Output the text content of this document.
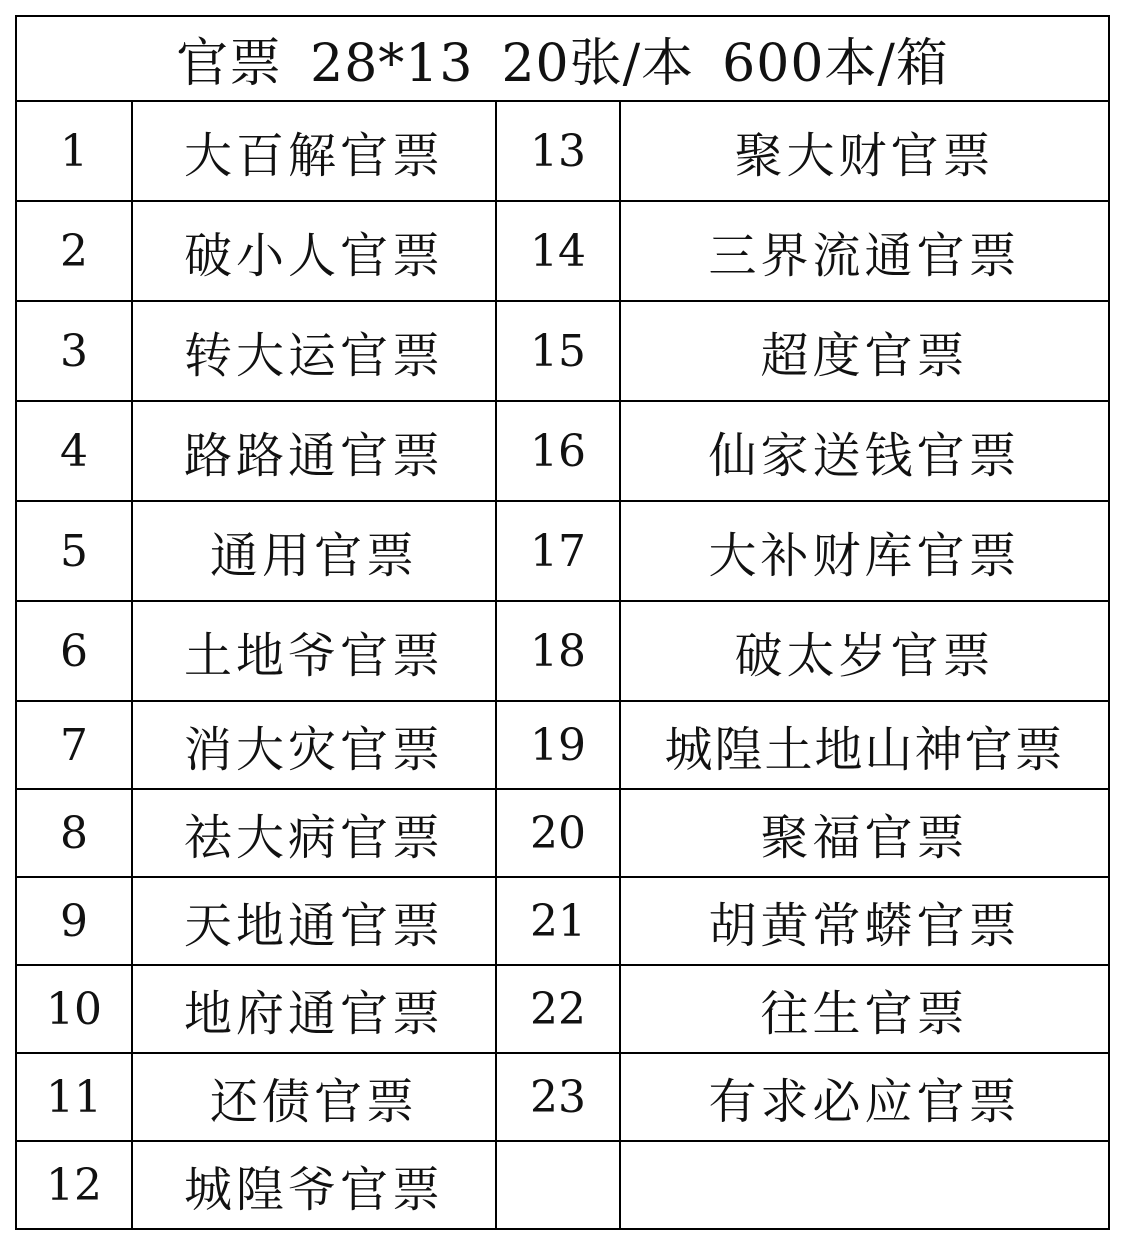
官票 28*13 20张/本 600本/箱			
1	大百解官票	13	聚大财官票
2	破小人官票	14	三界流通官票
3	转大运官票	15	超度官票
4	路路通官票	16	仙家送钱官票
5	通用官票	17	大补财库官票
6	土地爷官票	18	破太岁官票
7	消大灾官票	19	城隍土地山神官票
8	祛大病官票	20	聚福官票
9	天地通官票	21	胡黄常蟒官票
10	地府通官票	22	往生官票
11	还债官票	23	有求必应官票
12	城隍爷官票		
